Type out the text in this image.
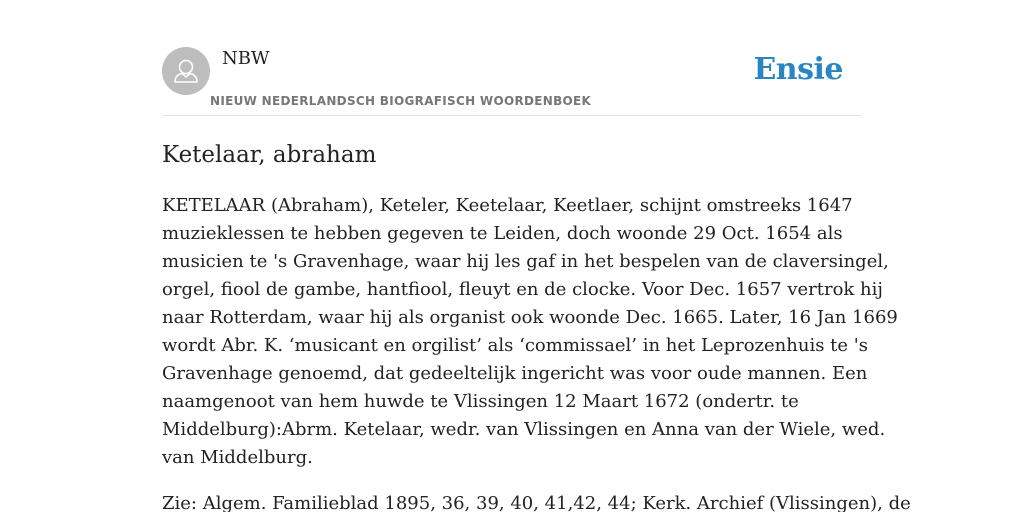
NBW
NIEUW NEDERLANDSCH BIOGRAFISCH WOORDENBOEK
Ensie
Ketelaar, abraham

KETELAAR (Abraham), Keteler, Keetelaar, Keetlaer, schijnt omstreeks 1647
muzieklessen te hebben gegeven te Leiden, doch woonde 29 Oct. 1654 als
musicien te 's Gravenhage, waar hij les gaf in het bespelen van de claversingel,
orgel, fiool de gambe, hantfiool, fleuyt en de clocke. Voor Dec. 1657 vertrok hij
naar Rotterdam, waar hij als organist ook woonde Dec. 1665. Later, 16 Jan 1669
wordt Abr. K. ‘musicant en orgilist’ als ‘commissael’ in het Leprozenhuis te 's
Gravenhage genoemd, dat gedeeltelijk ingericht was voor oude mannen. Een
naamgenoot van hem huwde te Vlissingen 12 Maart 1672 (ondertr. te
Middelburg):Abrm. Ketelaar, wedr. van Vlissingen en Anna van der Wiele, wed.
van Middelburg.

Zie: Algem. Familieblad 1895, 36, 39, 40, 41,42, 44; Kerk. Archief (Vlissingen), de
